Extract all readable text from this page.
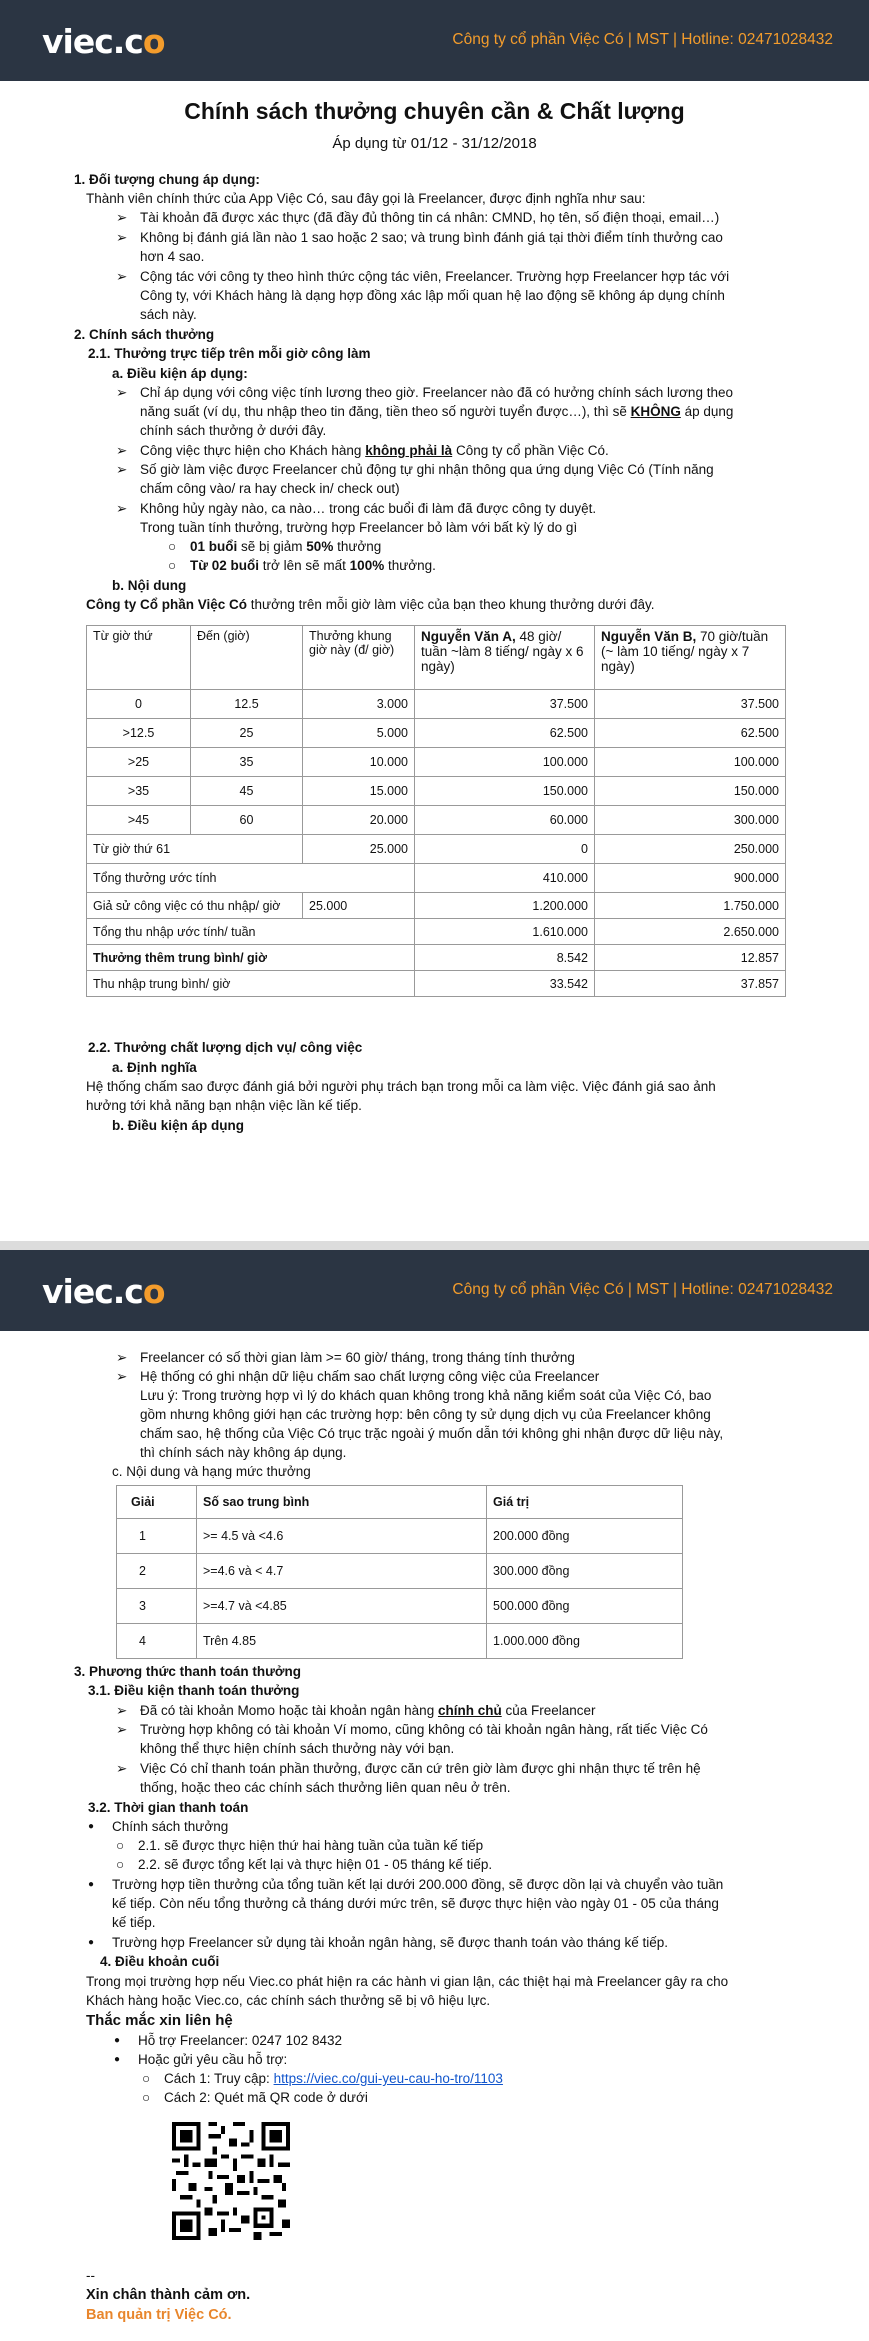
viec.co	Công ty cổ phần Việc Có | MST | Hotline: 02471028432
Chính sách thưởng chuyên cần & Chất lượng
Áp dụng từ 01/12 - 31/12/2018
1. Đối tượng chung áp dụng:
Thành viên chính thức của App Việc Có, sau đây gọi là Freelancer, được định nghĩa như sau:
➢ Tài khoản đã được xác thực (đã đầy đủ thông tin cá nhân: CMND, họ tên, số điện thoại, email…)
➢ Không bị đánh giá lần nào 1 sao hoặc 2 sao; và trung bình đánh giá tại thời điểm tính thưởng cao
hơn 4 sao.
➢ Cộng tác với công ty theo hình thức cộng tác viên, Freelancer. Trường hợp Freelancer hợp tác với
Công ty, với Khách hàng là dạng hợp đồng xác lập mối quan hệ lao động sẽ không áp dụng chính
sách này.
2. Chính sách thưởng
2.1. Thưởng trực tiếp trên mỗi giờ công làm
a. Điều kiện áp dụng:
➢ Chỉ áp dụng với công việc tính lương theo giờ. Freelancer nào đã có hưởng chính sách lương theo
năng suất (ví dụ, thu nhập theo tin đăng, tiền theo số người tuyển được…), thì sẽ KHÔNG áp dụng
chính sách thưởng ở dưới đây.
➢ Công việc thực hiện cho Khách hàng không phải là Công ty cổ phần Việc Có.
➢ Số giờ làm việc được Freelancer chủ động tự ghi nhận thông qua ứng dụng Việc Có (Tính năng
chấm công vào/ ra hay check in/ check out)
➢ Không hủy ngày nào, ca nào… trong các buổi đi làm đã được công ty duyệt.
Trong tuần tính thưởng, trường hợp Freelancer bỏ làm với bất kỳ lý do gì
○ 01 buổi sẽ bị giảm 50% thưởng
○ Từ 02 buổi trở lên sẽ mất 100% thưởng.
b. Nội dung
Công ty Cổ phần Việc Có thưởng trên mỗi giờ làm việc của bạn theo khung thưởng dưới đây.
Từ giờ thứ	Đến (giờ)	Thưởng khung giờ này (đ/ giờ)	Nguyễn Văn A, 48 giờ/ tuần ~làm 8 tiếng/ ngày x 6 ngày)	Nguyễn Văn B, 70 giờ/tuần (~ làm 10 tiếng/ ngày x 7 ngày)
0	12.5	3.000	37.500	37.500
>12.5	25	5.000	62.500	62.500
>25	35	10.000	100.000	100.000
>35	45	15.000	150.000	150.000
>45	60	20.000	60.000	300.000
Từ giờ thứ 61		25.000	0	250.000
Tổng thưởng ước tính			410.000	900.000
Giả sử công việc có thu nhập/ giờ		25.000	1.200.000	1.750.000
Tổng thu nhập ước tính/ tuần			1.610.000	2.650.000
Thưởng thêm trung bình/ giờ			8.542	12.857
Thu nhập trung bình/ giờ			33.542	37.857
2.2. Thưởng chất lượng dịch vụ/ công việc
a. Định nghĩa
Hệ thống chấm sao được đánh giá bởi người phụ trách bạn trong mỗi ca làm việc. Việc đánh giá sao ảnh
hưởng tới khả năng bạn nhận việc lần kế tiếp.
b. Điều kiện áp dụng
viec.co	Công ty cổ phần Việc Có | MST | Hotline: 02471028432
➢ Freelancer có số thời gian làm >= 60 giờ/ tháng, trong tháng tính thưởng
➢ Hệ thống có ghi nhận dữ liệu chấm sao chất lượng công việc của Freelancer
Lưu ý: Trong trường hợp vì lý do khách quan không trong khả năng kiểm soát của Việc Có, bao
gồm nhưng không giới hạn các trường hợp: bên công ty sử dụng dịch vụ của Freelancer không
chấm sao, hệ thống của Việc Có trục trặc ngoài ý muốn dẫn tới không ghi nhận được dữ liệu này,
thì chính sách này không áp dụng.
c. Nội dung và hạng mức thưởng
Giải	Số sao trung bình	Giá trị
1	>= 4.5 và <4.6	200.000 đồng
2	>=4.6 và < 4.7	300.000 đồng
3	>=4.7 và <4.85	500.000 đồng
4	Trên 4.85	1.000.000 đồng
3. Phương thức thanh toán thưởng
3.1. Điều kiện thanh toán thưởng
➢ Đã có tài khoản Momo hoặc tài khoản ngân hàng chính chủ của Freelancer
➢ Trường hợp không có tài khoản Ví momo, cũng không có tài khoản ngân hàng, rất tiếc Việc Có
không thể thực hiện chính sách thưởng này với bạn.
➢ Việc Có chỉ thanh toán phần thưởng, được căn cứ trên giờ làm được ghi nhận thực tế trên hệ
thống, hoặc theo các chính sách thưởng liên quan nêu ở trên.
3.2. Thời gian thanh toán
● Chính sách thưởng
○ 2.1. sẽ được thực hiện thứ hai hàng tuần của tuần kế tiếp
○ 2.2. sẽ được tổng kết lại và thực hiện 01 - 05 tháng kế tiếp.
● Trường hợp tiền thưởng của tổng tuần kết lại dưới 200.000 đồng, sẽ được dồn lại và chuyển vào tuần
kế tiếp. Còn nếu tổng thưởng cả tháng dưới mức trên, sẽ được thực hiện vào ngày 01 - 05 của tháng
kế tiếp.
● Trường hợp Freelancer sử dụng tài khoản ngân hàng, sẽ được thanh toán vào tháng kế tiếp.
4. Điều khoản cuối
Trong mọi trường hợp nếu Viec.co phát hiện ra các hành vi gian lận, các thiệt hại mà Freelancer gây ra cho
Khách hàng hoặc Viec.co, các chính sách thưởng sẽ bị vô hiệu lực.
Thắc mắc xin liên hệ
● Hỗ trợ Freelancer: 0247 102 8432
● Hoặc gửi yêu cầu hỗ trợ:
○ Cách 1: Truy cập: https://viec.co/gui-yeu-cau-ho-tro/1103
○ Cách 2: Quét mã QR code ở dưới
--
Xin chân thành cảm ơn.
Ban quản trị Việc Có.
